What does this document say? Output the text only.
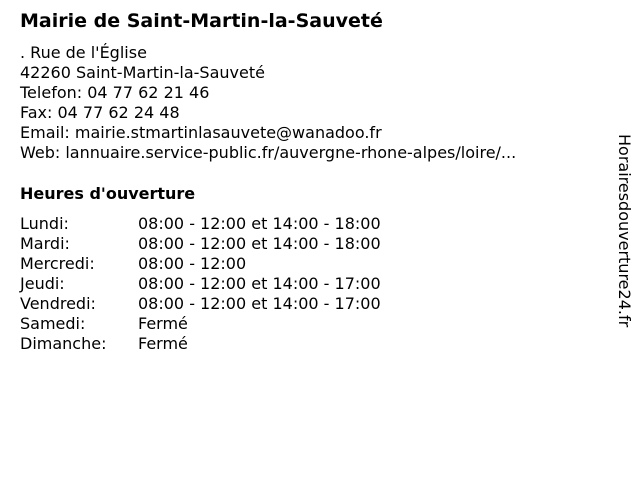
Mairie de Saint-Martin-la-Sauveté
. Rue de l'Église
42260 Saint-Martin-la-Sauveté
Telefon: 04 77 62 21 46
Fax: 04 77 62 24 48
Email: mairie.stmartinlasauvete@wanadoo.fr
Web: lannuaire.service-public.fr/auvergne-rhone-alpes/loire/...
Heures d'ouverture
Lundi:	08:00 - 12:00 et 14:00 - 18:00
Mardi:	08:00 - 12:00 et 14:00 - 18:00
Mercredi:	08:00 - 12:00
Jeudi:	08:00 - 12:00 et 14:00 - 17:00
Vendredi:	08:00 - 12:00 et 14:00 - 17:00
Samedi:	Fermé
Dimanche: Fermé
Horairesdouverture24.fr
